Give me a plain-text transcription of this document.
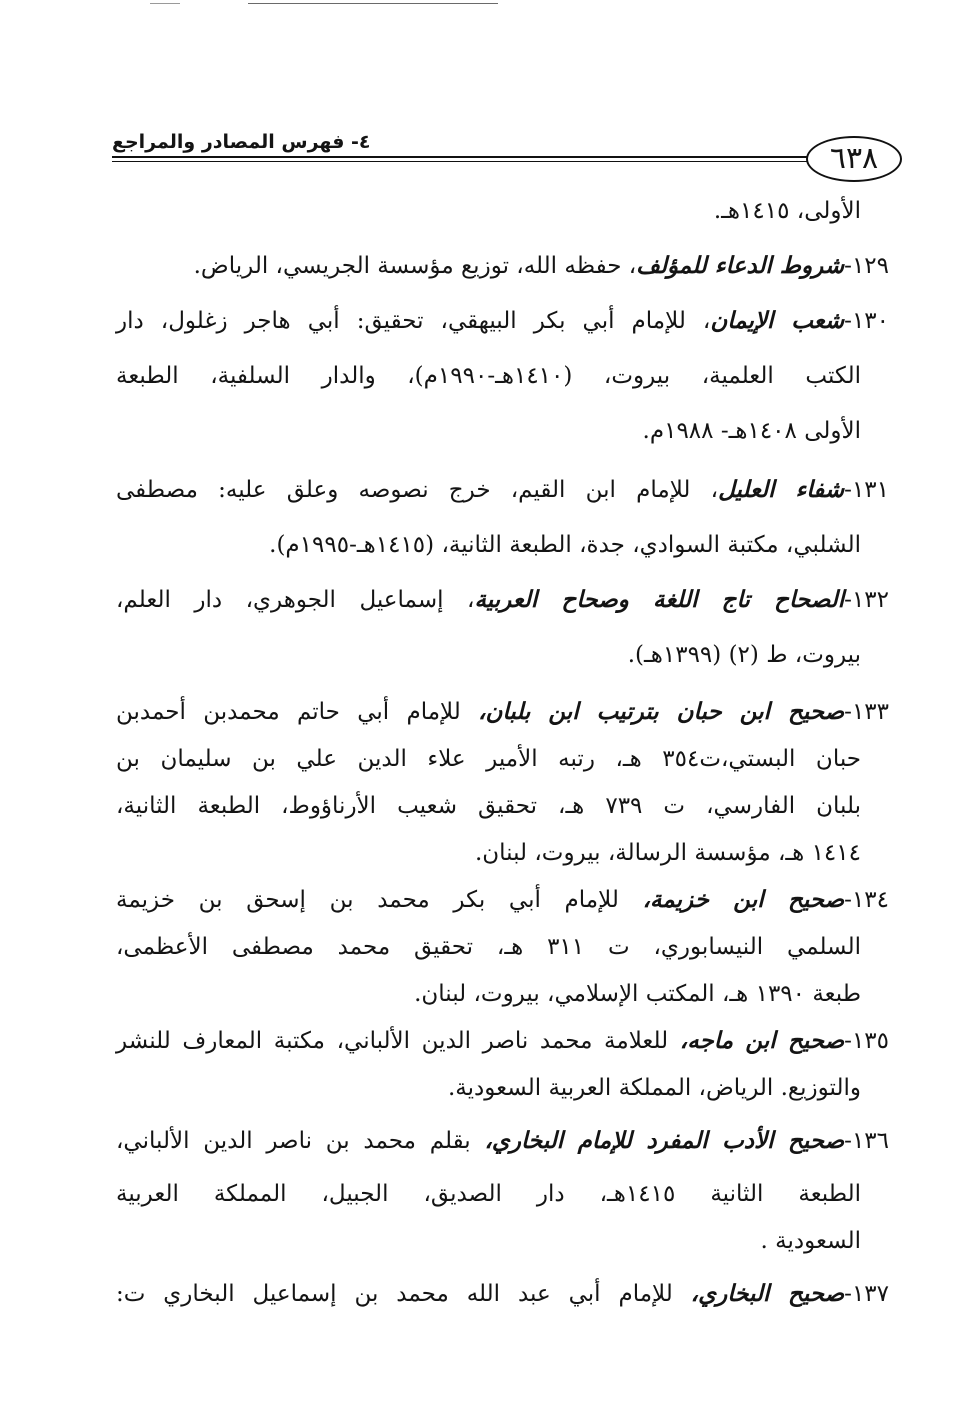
٤- فهرس المصادر والمراجع	٦٣٨
الأولى، ١٤١٥هـ.
١٢٩-شروط الدعاء للمؤلف، حفظه الله، توزيع مؤسسة الجريسي، الرياض.
١٣٠-شعب الإيمان، للإمام أبي بكر البيهقي، تحقيق: أبي هاجر زغلول، دار
الكتب العلمية، بيروت، (١٤١٠هـ-١٩٩٠م)، والدار السلفية، الطبعة
الأولى ١٤٠٨هـ- ١٩٨٨م.
١٣١-شفاء العليل، للإمام ابن القيم، خرج نصوصه وعلق عليه: مصطفى
الشلبي، مكتبة السوادي، جدة، الطبعة الثانية، (١٤١٥هـ-١٩٩٥م).
١٣٢-الصحاح تاج اللغة وصحاح العربية، إسماعيل الجوهري، دار العلم،
بيروت، ط (٢) (١٣٩٩هـ).
١٣٣-صحيح ابن حبان بترتيب ابن بلبان، للإمام أبي حاتم محمدبن أحمدبن
حبان البستي،ت٣٥٤ هـ، رتبه الأمير علاء الدين علي بن سليمان بن
بلبان الفارسي، ت ٧٣٩ هـ، تحقيق شعيب الأرناؤوط، الطبعة الثانية،
١٤١٤ هـ، مؤسسة الرسالة، بيروت، لبنان.
١٣٤-صحيح ابن خزيمة، للإمام أبي بكر محمد بن إسحق بن خزيمة
السلمي النيسابوري، ت ٣١١ هـ، تحقيق محمد مصطفى الأعظمى،
طبعة ١٣٩٠ هـ، المكتب الإسلامي، بيروت، لبنان.
١٣٥-صحيح ابن ماجه، للعلامة محمد ناصر الدين الألباني، مكتبة المعارف للنشر
والتوزيع. الرياض، المملكة العربية السعودية.
١٣٦-صحيح الأدب المفرد للإمام البخاري، بقلم محمد بن ناصر الدين الألباني،
الطبعة الثانية ١٤١٥هـ، دار الصديق، الجبيل، المملكة العربية
السعودية .
١٣٧-صحيح البخاري، للإمام أبي عبد الله محمد بن إسماعيل البخاري ت:
